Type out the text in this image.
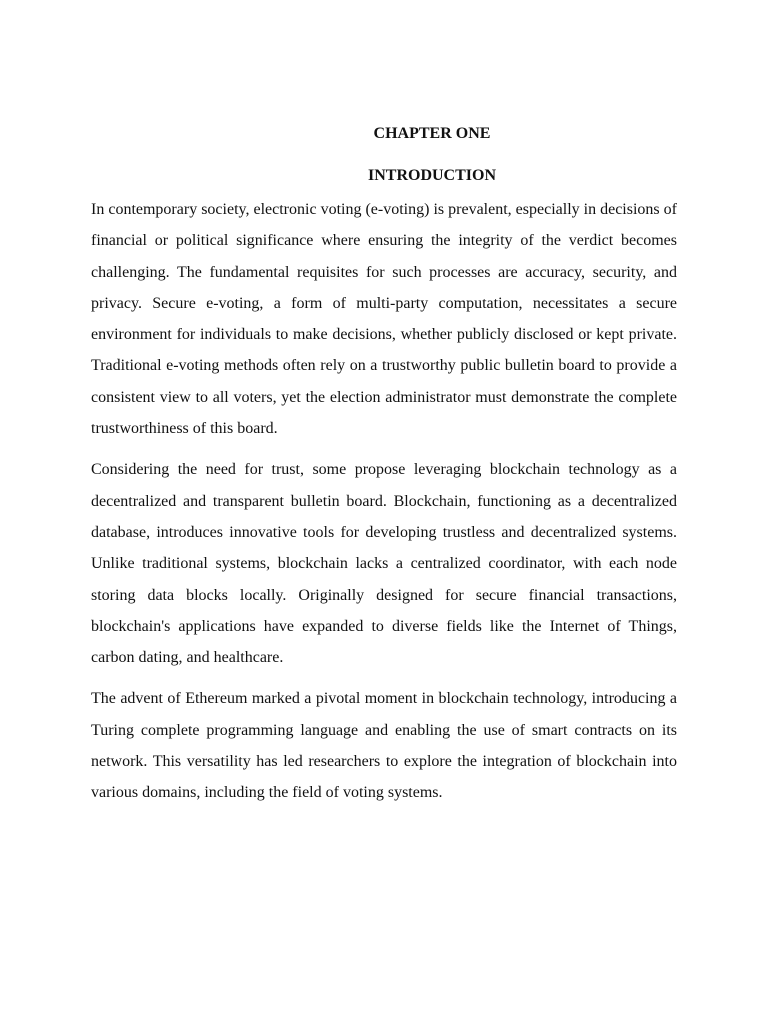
CHAPTER ONE
INTRODUCTION

In contemporary society, electronic voting (e-voting) is prevalent, especially in decisions of financial or political significance where ensuring the integrity of the verdict becomes challenging. The fundamental requisites for such processes are accuracy, security, and privacy. Secure e-voting, a form of multi-party computation, necessitates a secure environment for individuals to make decisions, whether publicly disclosed or kept private. Traditional e-voting methods often rely on a trustworthy public bulletin board to provide a consistent view to all voters, yet the election administrator must demonstrate the complete trustworthiness of this board.

Considering the need for trust, some propose leveraging blockchain technology as a decentralized and transparent bulletin board. Blockchain, functioning as a decentralized database, introduces innovative tools for developing trustless and decentralized systems. Unlike traditional systems, blockchain lacks a centralized coordinator, with each node storing data blocks locally. Originally designed for secure financial transactions, blockchain's applications have expanded to diverse fields like the Internet of Things, carbon dating, and healthcare.

The advent of Ethereum marked a pivotal moment in blockchain technology, introducing a Turing complete programming language and enabling the use of smart contracts on its network. This versatility has led researchers to explore the integration of blockchain into various domains, including the field of voting systems.
